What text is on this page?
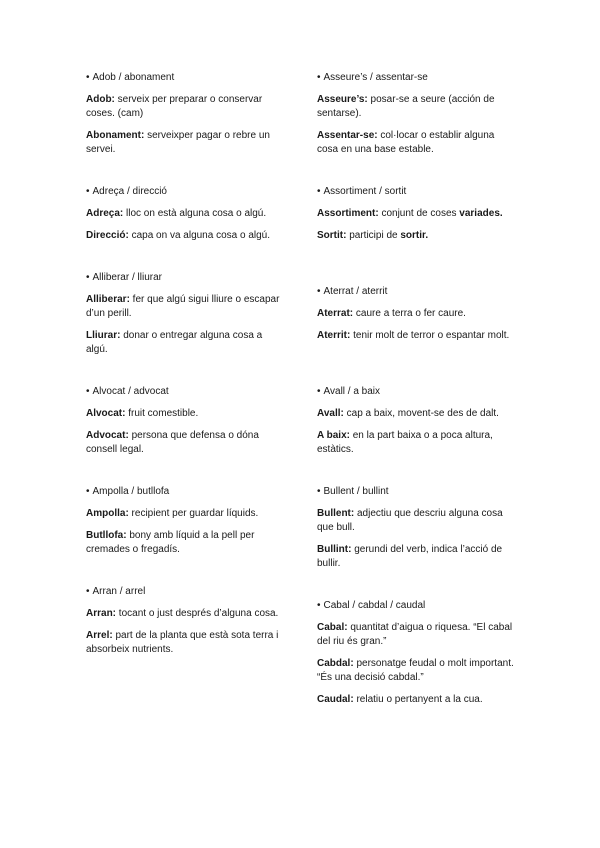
• Adob / abonament

Adob: serveix per preparar o conservar coses. (cam)

Abonament: serveixper pagar o rebre un servei.

• Adreça / direcció

Adreça: lloc on està alguna cosa o algú.

Direcció: capa on va alguna cosa o algú.

• Alliberar / lliurar

Alliberar: fer que algú sigui lliure o escapar d’un perill.

Lliurar: donar o entregar alguna cosa a algú.

• Alvocat / advocat

Alvocat: fruit comestible.

Advocat: persona que defensa o dóna consell legal.

• Ampolla / butllofa

Ampolla: recipient per guardar líquids.

Butllofa: bony amb líquid a la pell per cremades o fregadís.

• Arran / arrel

Arran: tocant o just després d’alguna cosa.

Arrel: part de la planta que està sota terra i absorbeix nutrients.

• Asseure’s / assentar-se

Asseure’s: posar-se a seure (acción de sentarse).

Assentar-se: col·locar o establir alguna cosa en una base estable.

• Assortiment / sortit

Assortiment: conjunt de coses variades.

Sortit: participi de sortir.

• Aterrat / aterrit

Aterrat: caure a terra o fer caure.

Aterrit: tenir molt de terror o espantar molt.

• Avall / a baix

Avall: cap a baix, movent-se des de dalt.

A baix: en la part baixa o a poca altura, estàtics.

• Bullent / bullint

Bullent: adjectiu que descriu alguna cosa que bull.

Bullint: gerundi del verb, indica l’acció de bullir.

• Cabal / cabdal / caudal

Cabal: quantitat d’aigua o riquesa. “El cabal del riu és gran.”

Cabdal: personatge feudal o molt important. “És una decisió cabdal.”

Caudal: relatiu o pertanyent a la cua.
